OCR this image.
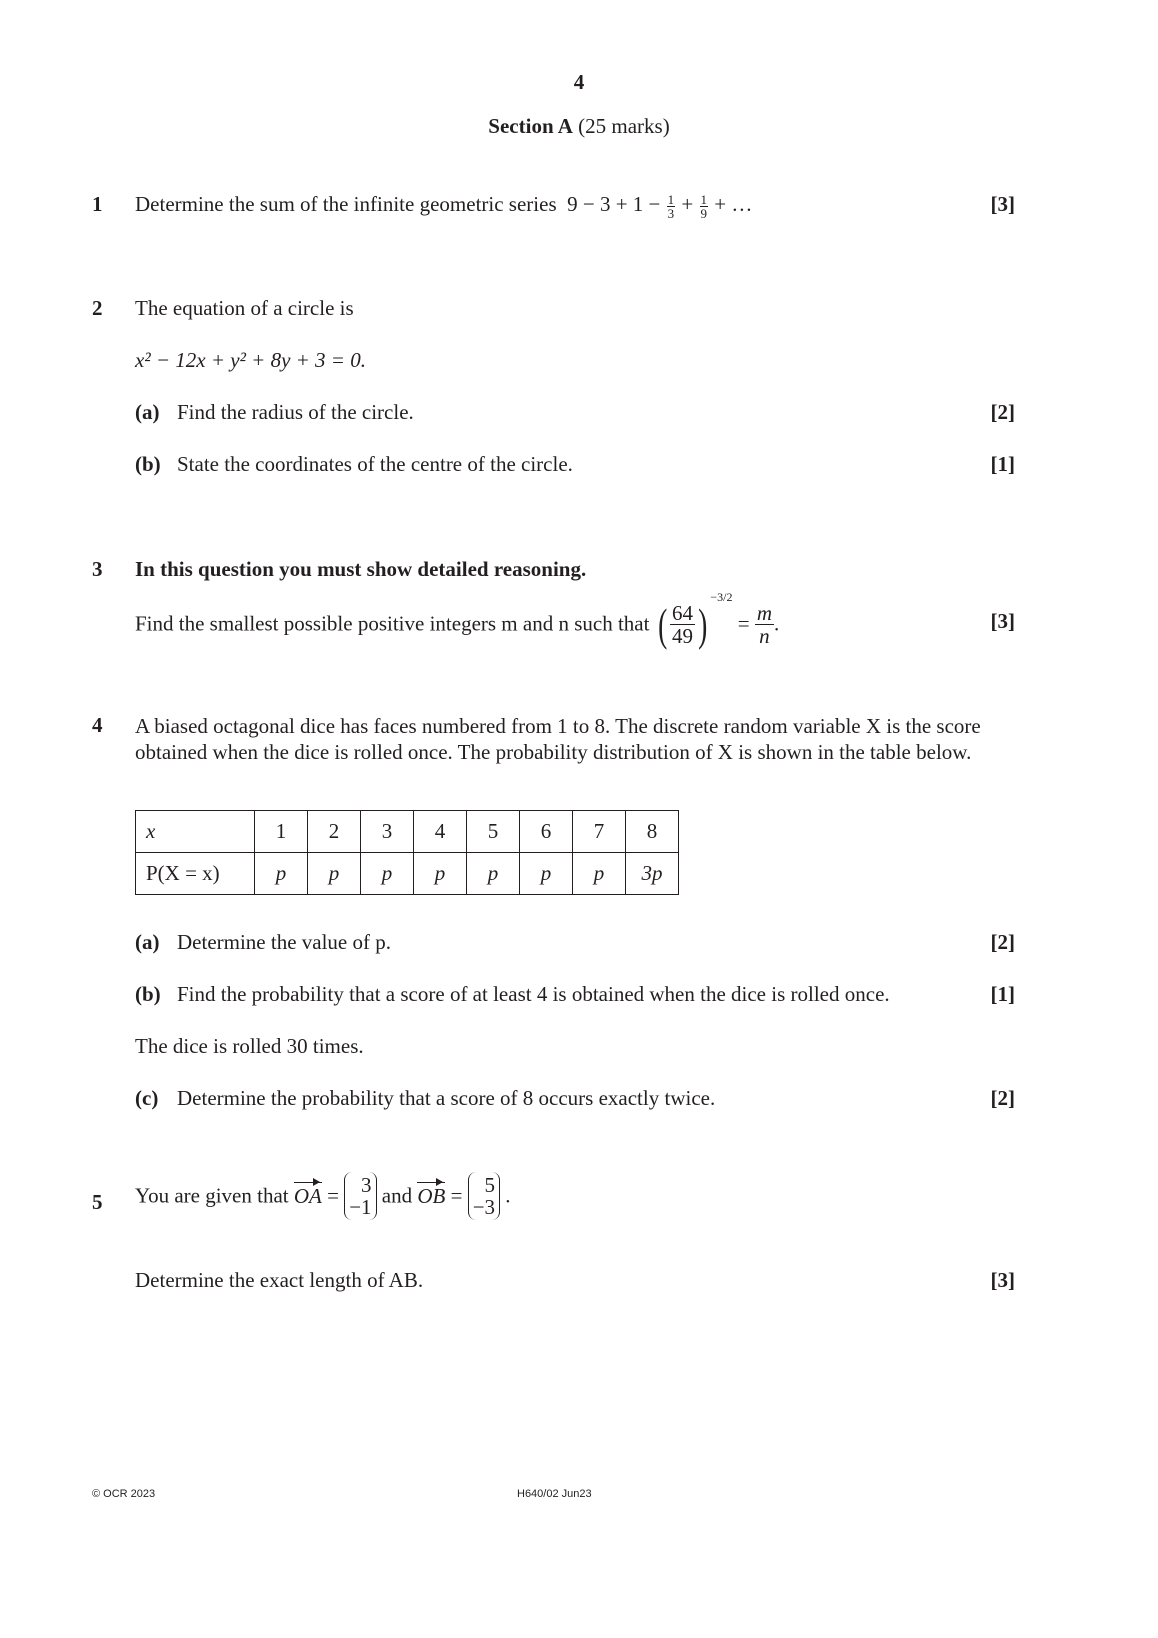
4
Section A (25 marks)
1 Determine the sum of the infinite geometric series $9 - 3 + 1 - \frac{1}{3} + \frac{1}{9}$ + …	[3]
2 The equation of a circle is
x² − 12x + y² + 8y + 3 = 0.
(a) Find the radius of the circle.	[2]
(b) State the coordinates of the centre of the circle.	[1]
3 In this question you must show detailed reasoning.
Find the smallest possible positive integers m and n such that ( $\frac{64}{49} )^{-3/2} = \frac{m}{n}$ .	[3]
4 A biased octagonal dice has faces numbered from 1 to 8. The discrete random variable X is the score obtained when the dice is rolled once. The probability distribution of X is shown in the table below.
x	1	2	3	4	5	6	7	8
P(X = x)	p	p	p	p	p	p	p	3p
(a) Determine the value of p.	[2]
(b) Find the probability that a score of at least 4 is obtained when the dice is rolled once.	[1]
The dice is rolled 30 times.
(c) Determine the probability that a score of 8 occurs exactly twice.	[2]
5 You are given that OA =	3
−1 and OB =	5
−3 .
Determine the exact length of AB.	[3]
© OCR 2023	H640/02 Jun23
